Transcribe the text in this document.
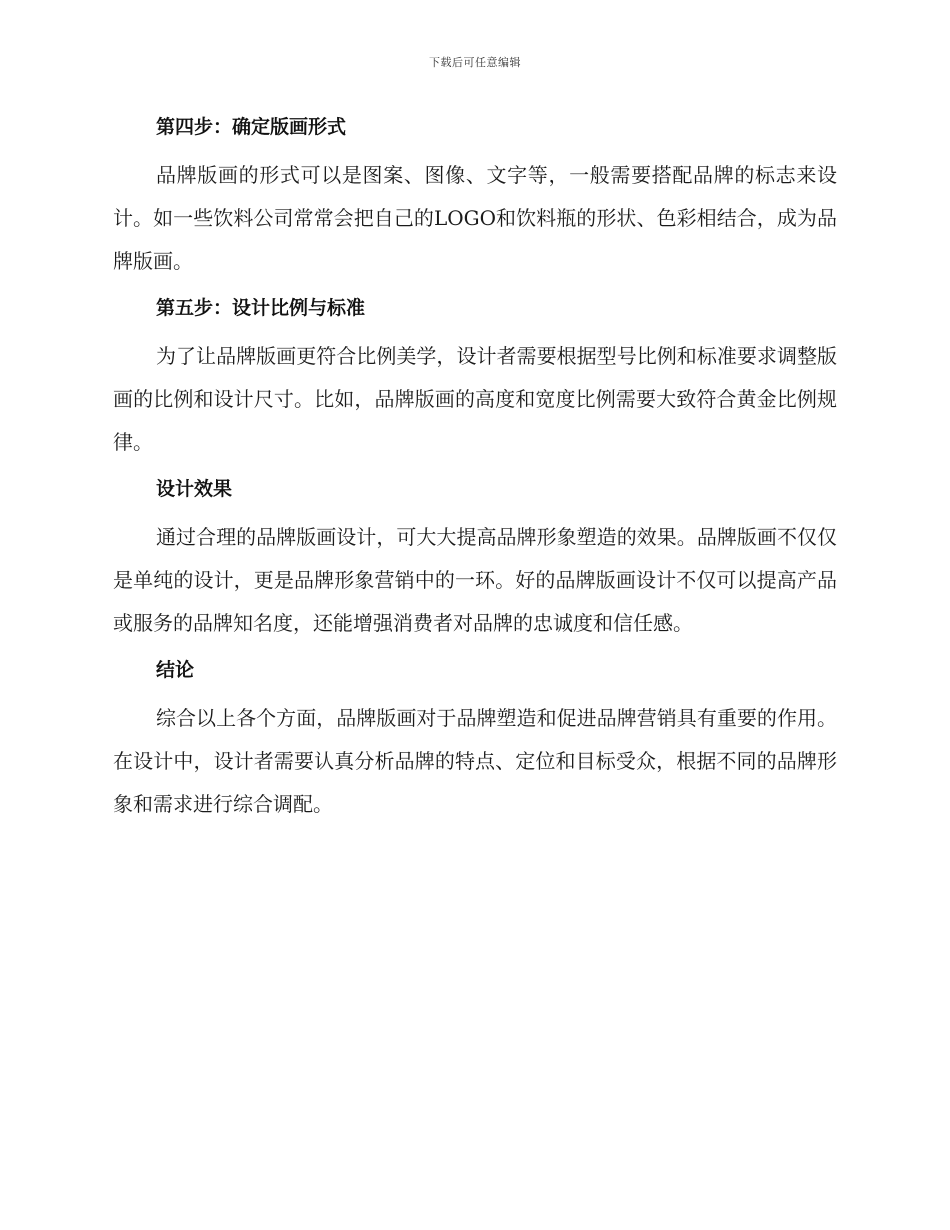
下载后可任意编辑
第四步：确定版画形式

品牌版画的形式可以是图案、图像、文字等，一般需要搭配品牌的标志来设计。如一些饮料公司常常会把自己的LOGO和饮料瓶的形状、色彩相结合，成为品牌版画。

第五步：设计比例与标准

为了让品牌版画更符合比例美学，设计者需要根据型号比例和标准要求调整版画的比例和设计尺寸。比如，品牌版画的高度和宽度比例需要大致符合黄金比例规律。

设计效果

通过合理的品牌版画设计，可大大提高品牌形象塑造的效果。品牌版画不仅仅是单纯的设计，更是品牌形象营销中的一环。好的品牌版画设计不仅可以提高产品或服务的品牌知名度，还能增强消费者对品牌的忠诚度和信任感。

结论

综合以上各个方面，品牌版画对于品牌塑造和促进品牌营销具有重要的作用。在设计中，设计者需要认真分析品牌的特点、定位和目标受众，根据不同的品牌形象和需求进行综合调配。
